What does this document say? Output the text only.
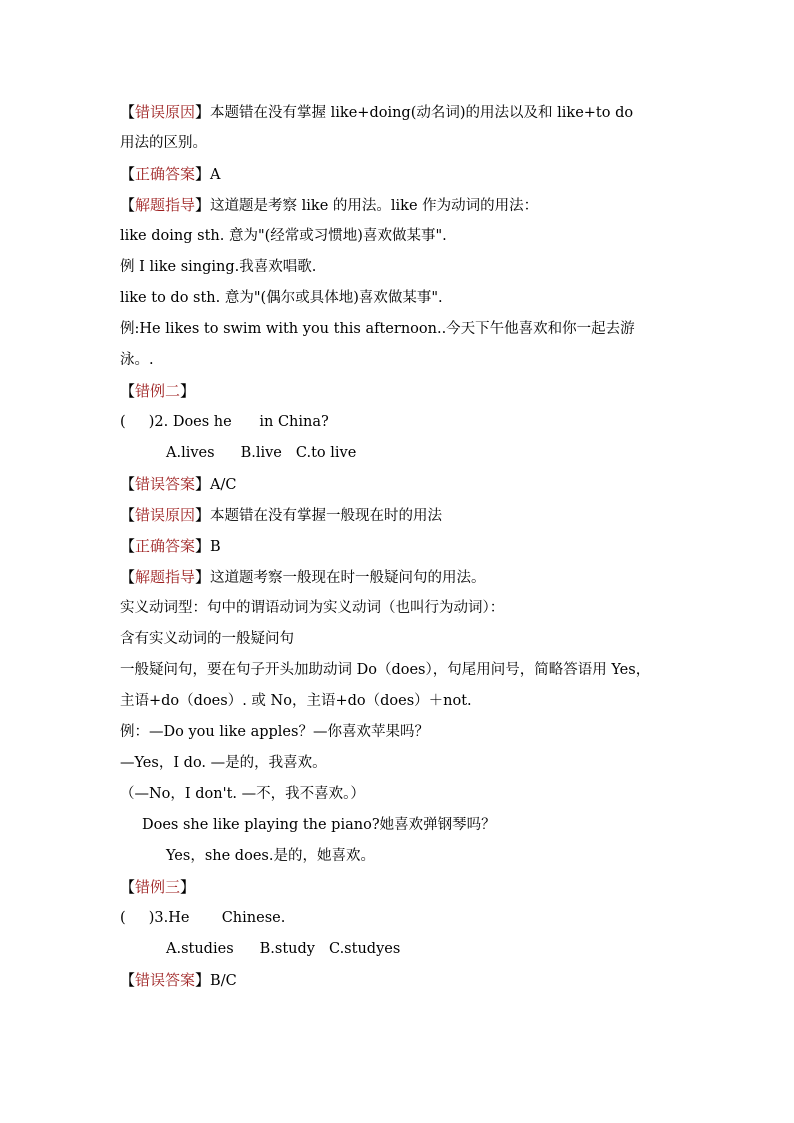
【错误原因】本题错在没有掌握 like+doing(动名词)的用法以及和 like+to do
用法的区别。
【正确答案】A
【解题指导】这道题是考察 like 的用法。like 作为动词的用法：
like doing sth. 意为"(经常或习惯地)喜欢做某事".
例 I like singing.我喜欢唱歌.
like to do sth. 意为"(偶尔或具体地)喜欢做某事".
例:He likes to swim with you this afternoon..今天下午他喜欢和你一起去游
泳。.
【错例二】
(     )2. Does he      in China?
A.lives B.live C.to live
【错误答案】A/C
【错误原因】本题错在没有掌握一般现在时的用法
【正确答案】B
【解题指导】这道题考察一般现在时一般疑问句的用法。
实义动词型：句中的谓语动词为实义动词（也叫行为动词）：
含有实义动词的一般疑问句
一般疑问句，要在句子开头加助动词 Do（does），句尾用问号，简略答语用 Yes，
主语+do（does）. 或 No，主语+do（does）＋not.
例：—Do you like apples？—你喜欢苹果吗？
—Yes，I do. —是的，我喜欢。
（—No，I don't. —不，我不喜欢。）
Does she like playing the piano?她喜欢弹钢琴吗？
Yes，she does.是的，她喜欢。
【错例三】
(     )3.He       Chinese.
A.studies B.study C.studyes
【错误答案】B/C
